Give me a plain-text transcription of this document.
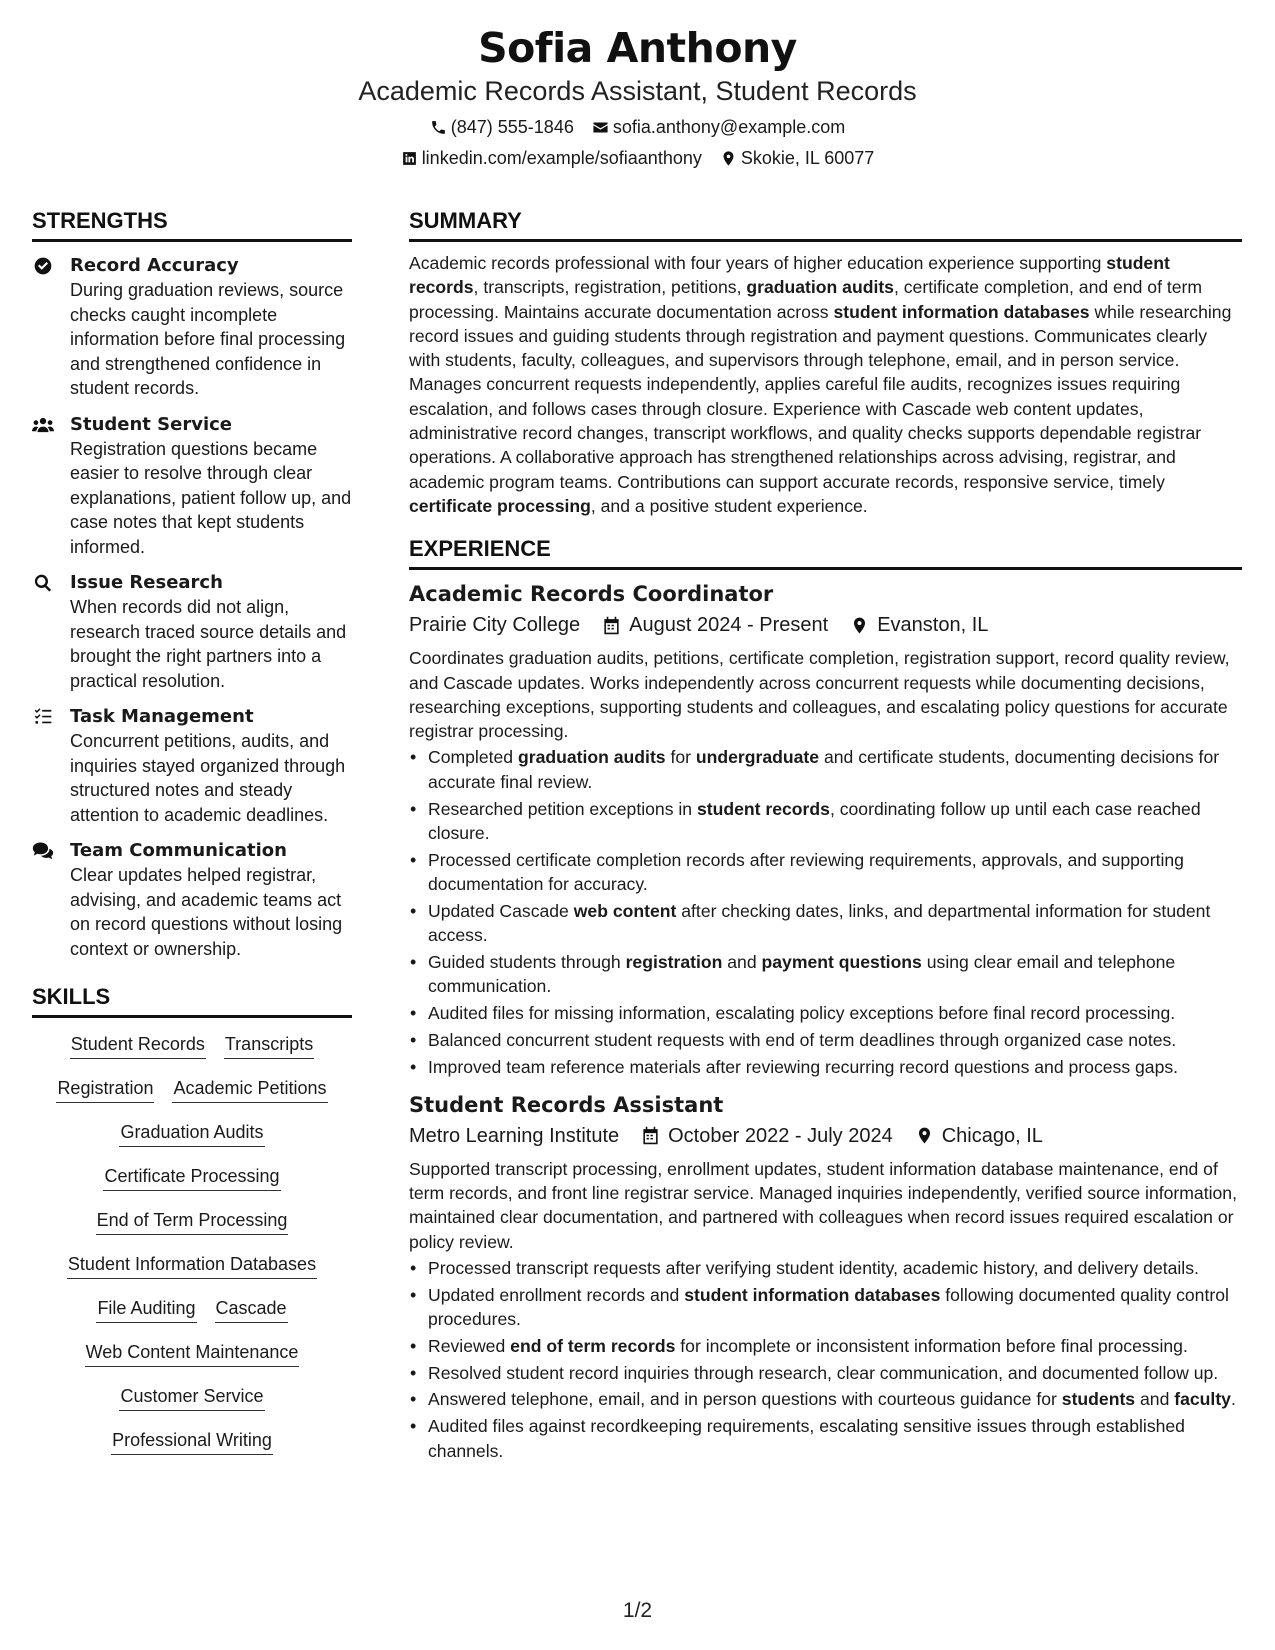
Sofia Anthony
Academic Records Assistant, Student Records
(847) 555-1846 sofia.anthony@example.com
linkedin.com/example/sofiaanthony Skokie, IL 60077
STRENGTHS
Record Accuracy
During graduation reviews, source checks caught incomplete information before final processing and strengthened confidence in student records.
Student Service
Registration questions became easier to resolve through clear explanations, patient follow up, and case notes that kept students informed.
Issue Research
When records did not align, research traced source details and brought the right partners into a practical resolution.
Task Management
Concurrent petitions, audits, and inquiries stayed organized through structured notes and steady attention to academic deadlines.
Team Communication
Clear updates helped registrar, advising, and academic teams act on record questions without losing context or ownership.
SKILLS
Student Records Transcripts
Registration Academic Petitions
Graduation Audits
Certificate Processing
End of Term Processing
Student Information Databases
File Auditing Cascade
Web Content Maintenance
Customer Service
Professional Writing
SUMMARY

Academic records professional with four years of higher education experience supporting student records, transcripts, registration, petitions, graduation audits, certificate completion, and end of term processing. Maintains accurate documentation across student information databases while researching record issues and guiding students through registration and payment questions. Communicates clearly with students, faculty, colleagues, and supervisors through telephone, email, and in person service. Manages concurrent requests independently, applies careful file audits, recognizes issues requiring escalation, and follows cases through closure. Experience with Cascade web content updates, administrative record changes, transcript workflows, and quality checks supports dependable registrar operations. A collaborative approach has strengthened relationships across advising, registrar, and academic program teams. Contributions can support accurate records, responsive service, timely certificate processing, and a positive student experience.

EXPERIENCE
Academic Records Coordinator
Prairie City College August 2024 - Present Evanston, IL

Coordinates graduation audits, petitions, certificate completion, registration support, record quality review, and Cascade updates. Works independently across concurrent requests while documenting decisions, researching exceptions, supporting students and colleagues, and escalating policy questions for accurate registrar processing.

• Completed graduation audits for undergraduate and certificate students, documenting decisions for accurate final review.
• Researched petition exceptions in student records, coordinating follow up until each case reached closure.
• Processed certificate completion records after reviewing requirements, approvals, and supporting documentation for accuracy.
• Updated Cascade web content after checking dates, links, and departmental information for student access.
• Guided students through registration and payment questions using clear email and telephone communication.
• Audited files for missing information, escalating policy exceptions before final record processing.
• Balanced concurrent student requests with end of term deadlines through organized case notes.
• Improved team reference materials after reviewing recurring record questions and process gaps.
Student Records Assistant
Metro Learning Institute October 2022 - July 2024 Chicago, IL

Supported transcript processing, enrollment updates, student information database maintenance, end of term records, and front line registrar service. Managed inquiries independently, verified source information, maintained clear documentation, and partnered with colleagues when record issues required escalation or policy review.

• Processed transcript requests after verifying student identity, academic history, and delivery details.
• Updated enrollment records and student information databases following documented quality control procedures.
• Reviewed end of term records for incomplete or inconsistent information before final processing.
• Resolved student record inquiries through research, clear communication, and documented follow up.
• Answered telephone, email, and in person questions with courteous guidance for students and faculty.
• Audited files against recordkeeping requirements, escalating sensitive issues through established channels.
1/2
